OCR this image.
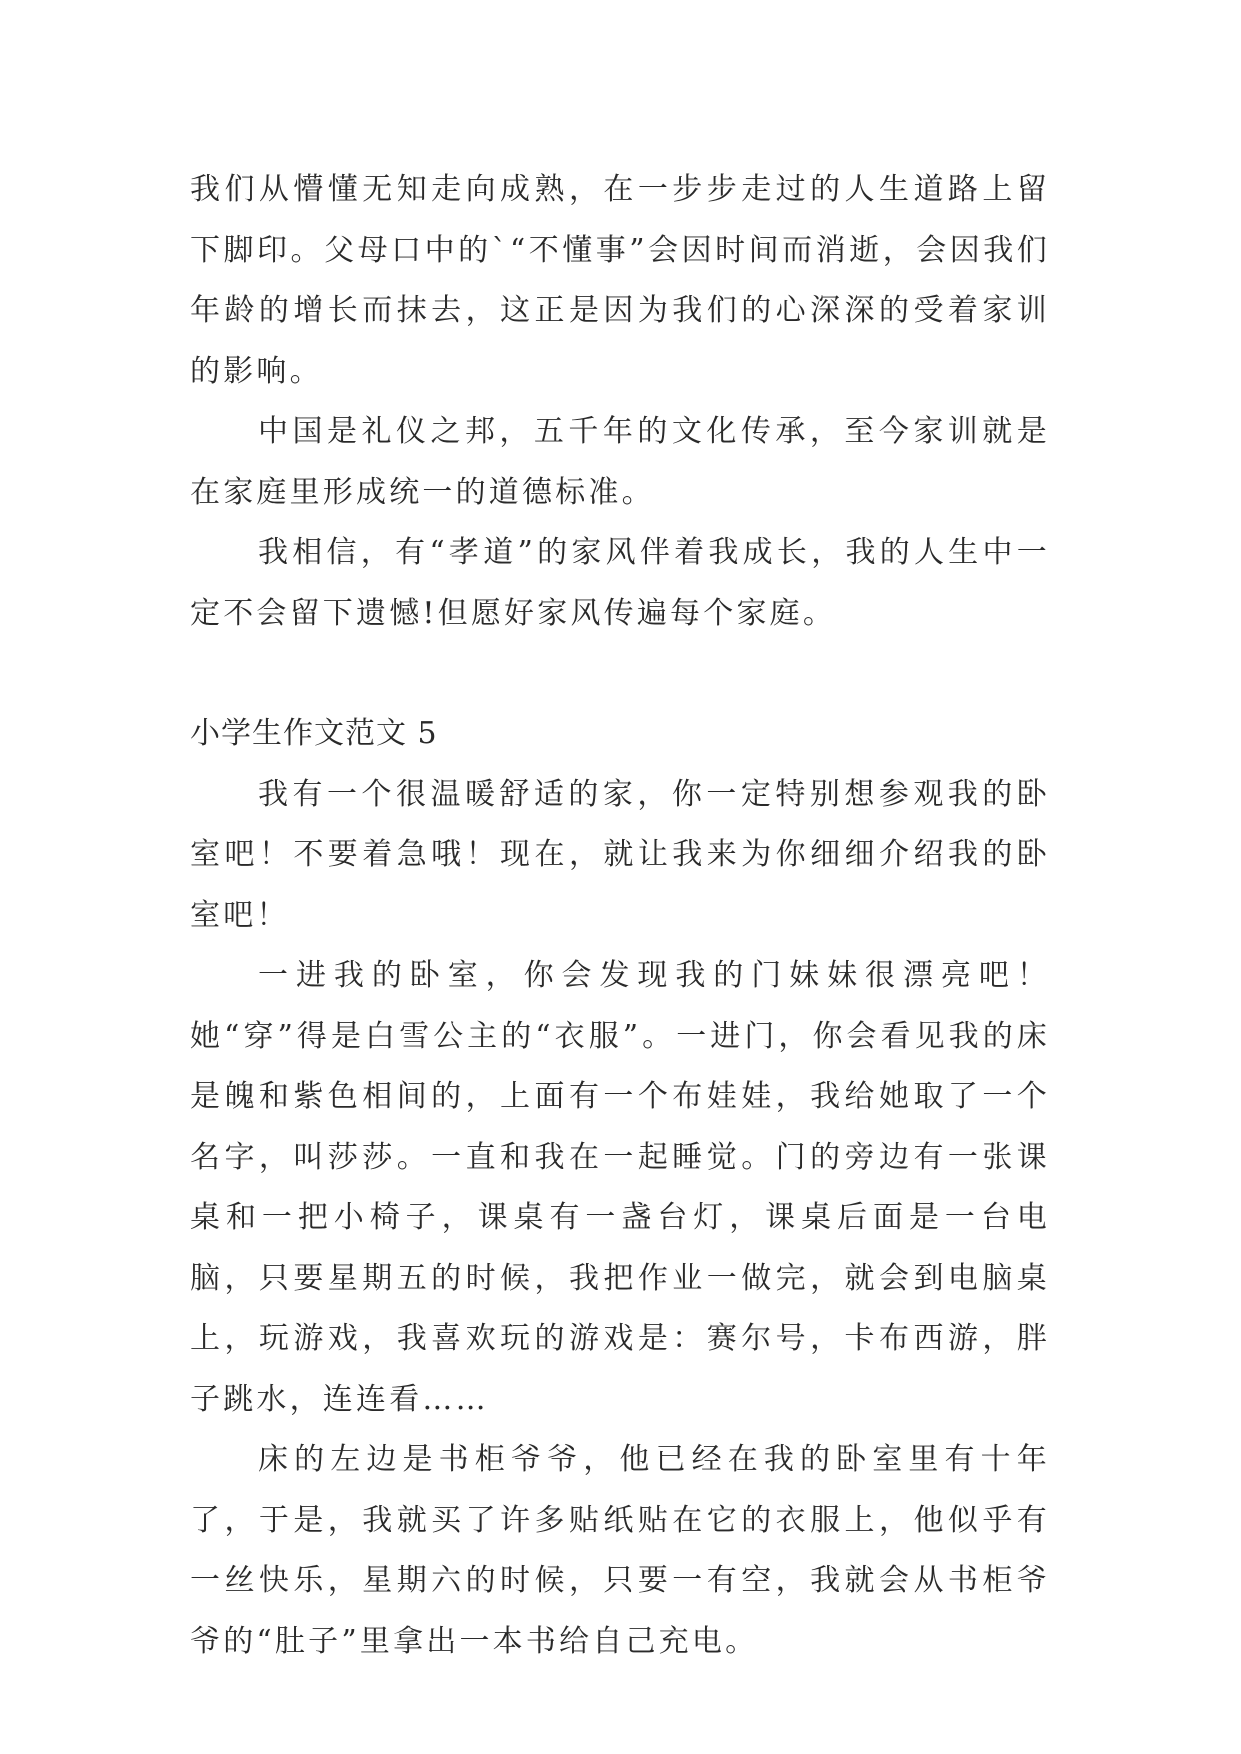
我们从懵懂无知走向成熟，在一步步走过的人生道路上留下脚印。父母口中的`“不懂事”会因时间而消逝，会因我们年龄的增长而抹去，这正是因为我们的心深深的受着家训的影响。

中国是礼仪之邦，五千年的文化传承，至今家训就是在家庭里形成统一的道德标准。

我相信，有“孝道”的家风伴着我成长，我的人生中一定不会留下遗憾!但愿好家风传遍每个家庭。

小学生作文范文 5

我有一个很温暖舒适的家，你一定特别想参观我的卧室吧！不要着急哦！现在，就让我来为你细细介绍我的卧室吧！

一进我的卧室，你会发现我的门妹妹很漂亮吧！她“穿”得是白雪公主的“衣服”。一进门，你会看见我的床是魄和紫色相间的，上面有一个布娃娃，我给她取了一个名字，叫莎莎。一直和我在一起睡觉。门的旁边有一张课桌和一把小椅子，课桌有一盏台灯，课桌后面是一台电脑，只要星期五的时候，我把作业一做完，就会到电脑桌上，玩游戏，我喜欢玩的游戏是：赛尔号，卡布西游，胖子跳水，连连看……

床的左边是书柜爷爷，他已经在我的卧室里有十年了，于是，我就买了许多贴纸贴在它的衣服上，他似乎有一丝快乐，星期六的时候，只要一有空，我就会从书柜爷爷的“肚子”里拿出一本书给自己充电。
